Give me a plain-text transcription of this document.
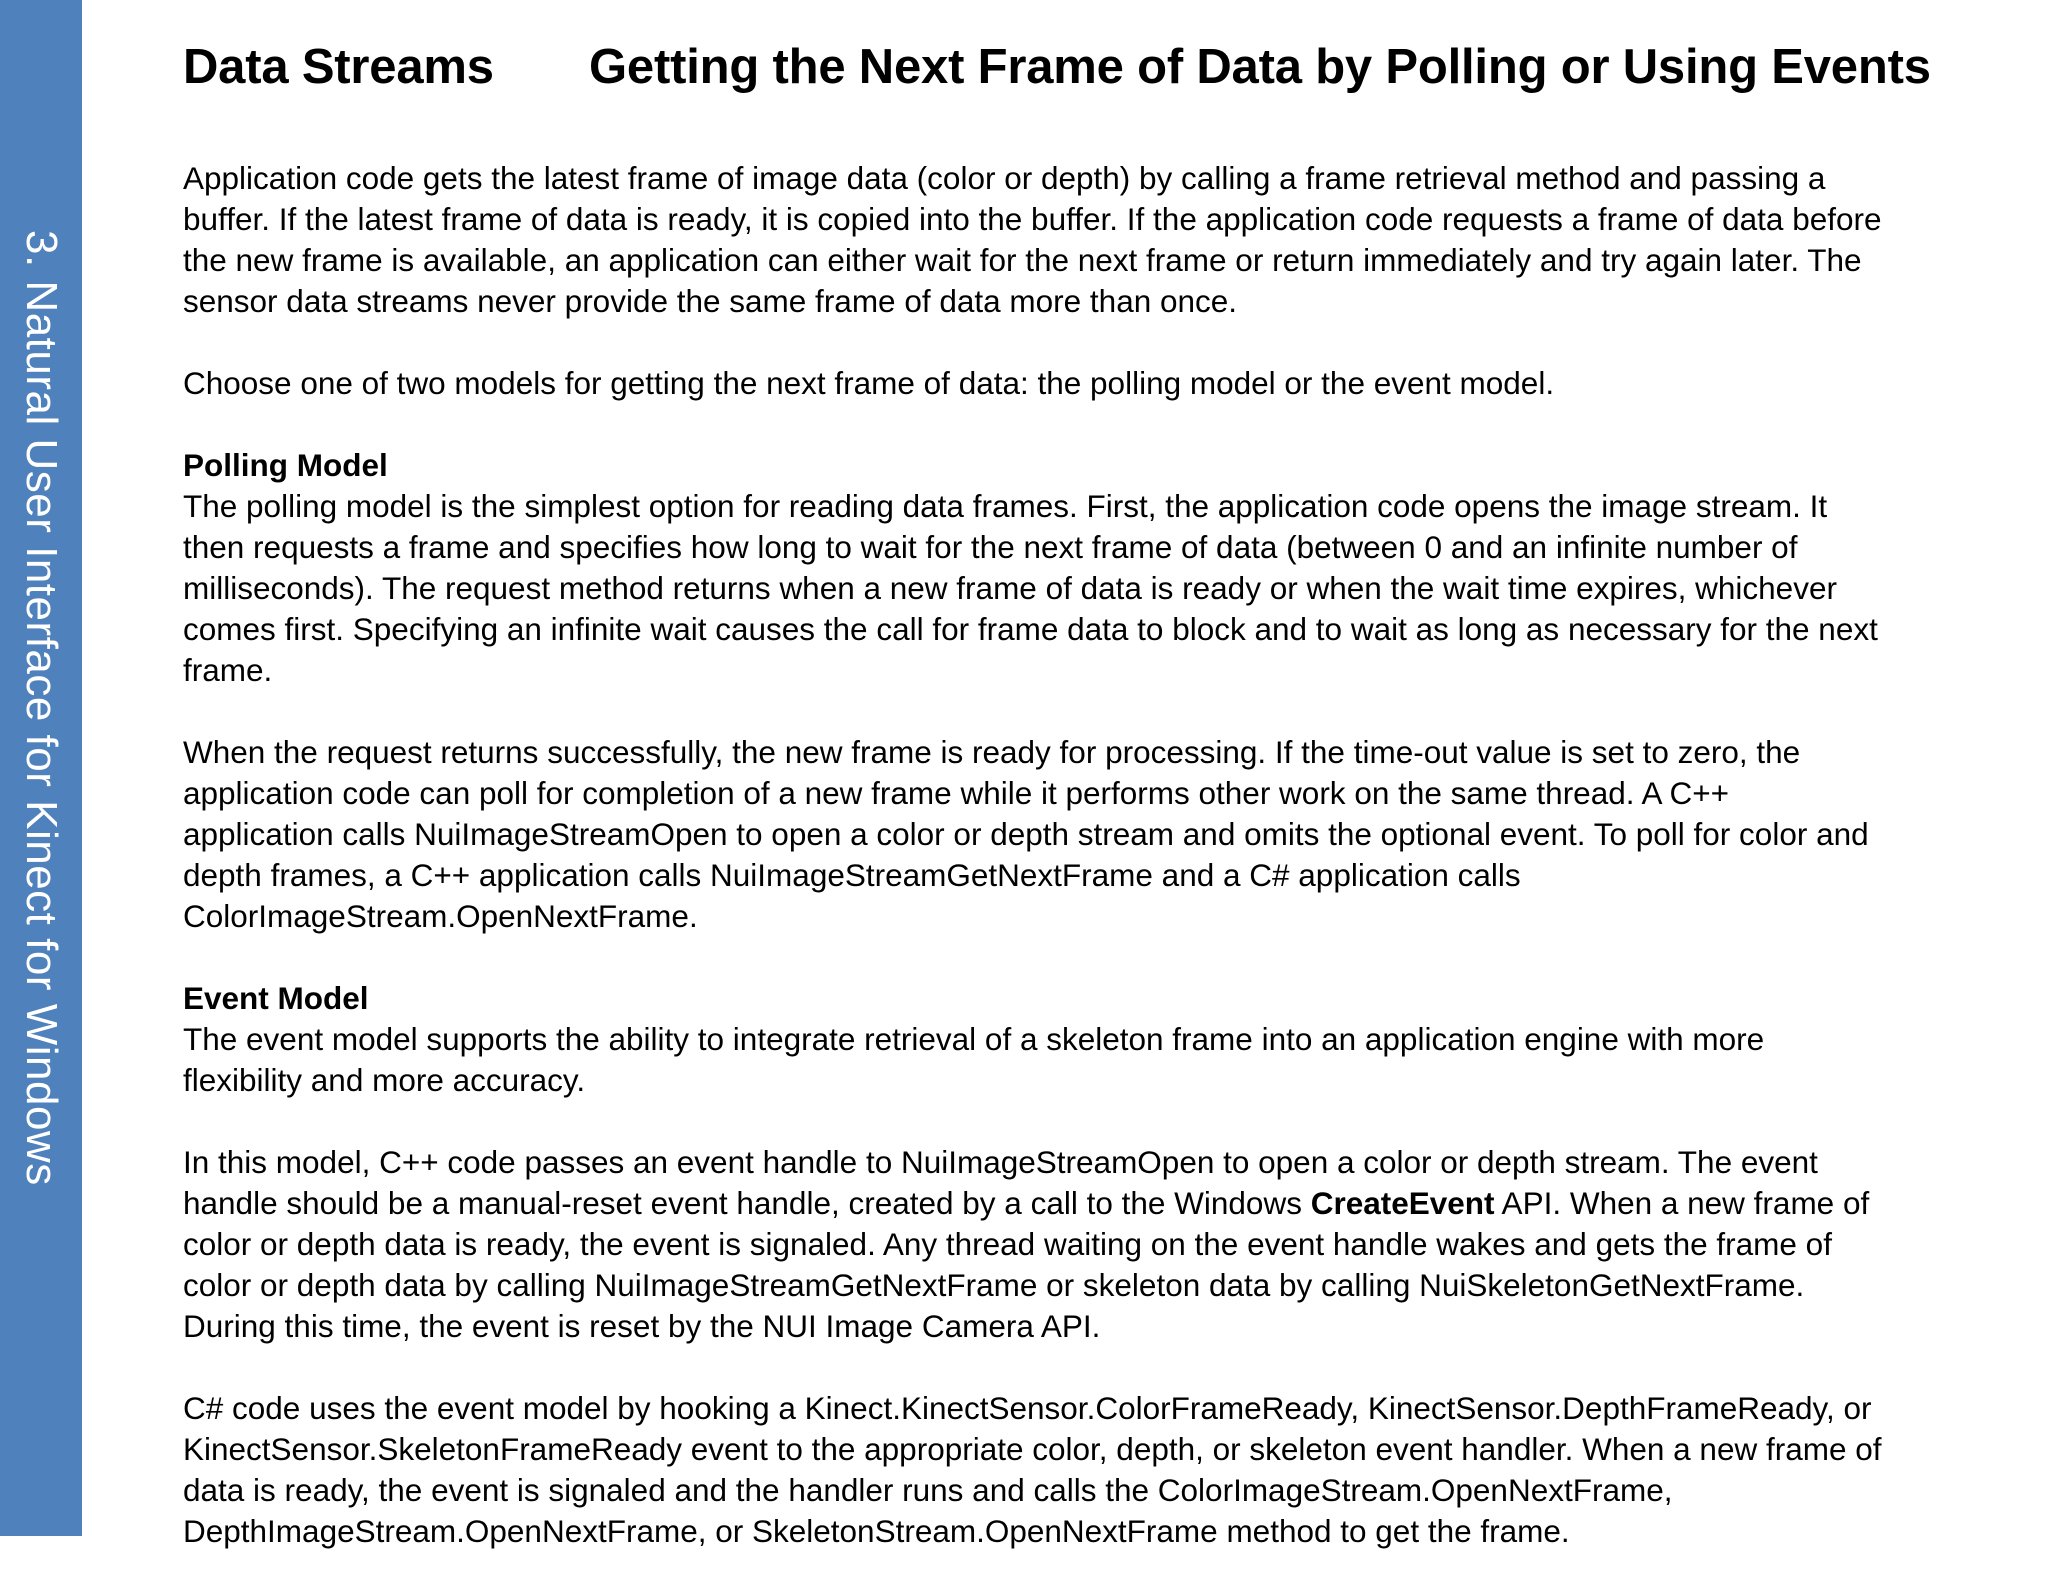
3. Natural User Interface for Kinect for Windows
Data Streams	Getting the Next Frame of Data by Polling or Using Events
Application code gets the latest frame of image data (color or depth) by calling a frame retrieval method and passing a
buffer. If the latest frame of data is ready, it is copied into the buffer. If the application code requests a frame of data before
the new frame is available, an application can either wait for the next frame or return immediately and try again later. The
sensor data streams never provide the same frame of data more than once.
Choose one of two models for getting the next frame of data: the polling model or the event model.
Polling Model
The polling model is the simplest option for reading data frames. First, the application code opens the image stream. It
then requests a frame and specifies how long to wait for the next frame of data (between 0 and an infinite number of
milliseconds). The request method returns when a new frame of data is ready or when the wait time expires, whichever
comes first. Specifying an infinite wait causes the call for frame data to block and to wait as long as necessary for the next
frame.
When the request returns successfully, the new frame is ready for processing. If the time-out value is set to zero, the
application code can poll for completion of a new frame while it performs other work on the same thread. A C++
application calls NuiImageStreamOpen to open a color or depth stream and omits the optional event. To poll for color and
depth frames, a C++ application calls NuiImageStreamGetNextFrame and a C# application calls
ColorImageStream.OpenNextFrame.
Event Model
The event model supports the ability to integrate retrieval of a skeleton frame into an application engine with more
flexibility and more accuracy.
In this model, C++ code passes an event handle to NuiImageStreamOpen to open a color or depth stream. The event
handle should be a manual-reset event handle, created by a call to the Windows CreateEvent API. When a new frame of
color or depth data is ready, the event is signaled. Any thread waiting on the event handle wakes and gets the frame of
color or depth data by calling NuiImageStreamGetNextFrame or skeleton data by calling NuiSkeletonGetNextFrame.
During this time, the event is reset by the NUI Image Camera API.
C# code uses the event model by hooking a Kinect.KinectSensor.ColorFrameReady, KinectSensor.DepthFrameReady, or
KinectSensor.SkeletonFrameReady event to the appropriate color, depth, or skeleton event handler. When a new frame of
data is ready, the event is signaled and the handler runs and calls the ColorImageStream.OpenNextFrame,
DepthImageStream.OpenNextFrame, or SkeletonStream.OpenNextFrame method to get the frame.
